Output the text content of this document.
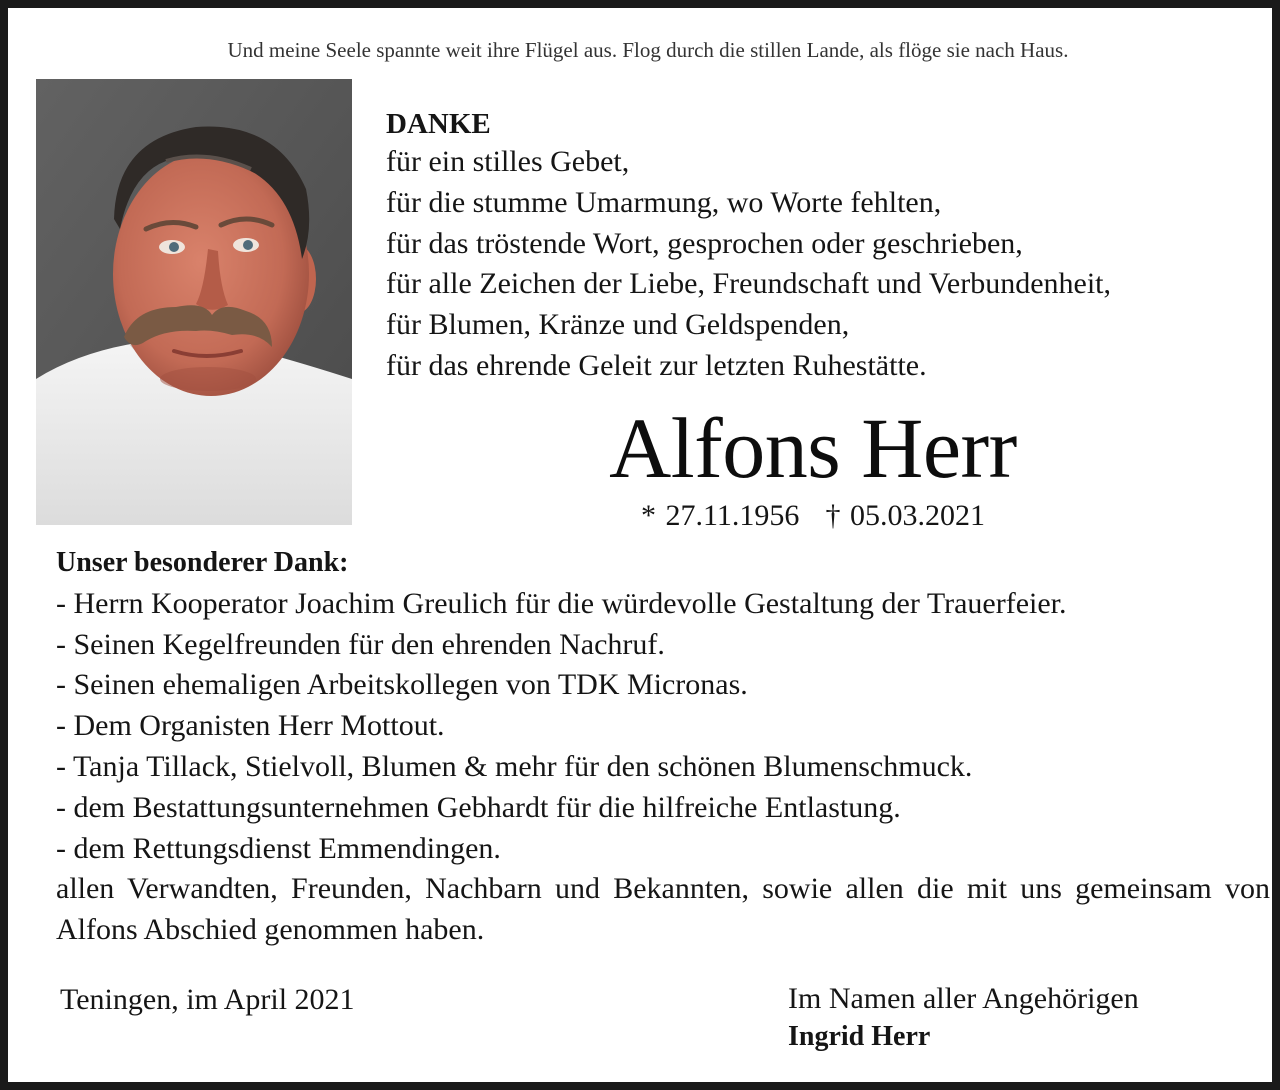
Und meine Seele spannte weit ihre Flügel aus. Flog durch die stillen Lande, als flöge sie nach Haus.
DANKE
für ein stilles Gebet,
für die stumme Umarmung, wo Worte fehlten,
für das tröstende Wort, gesprochen oder geschrieben,
für alle Zeichen der Liebe, Freundschaft und Verbundenheit,
für Blumen, Kränze und Geldspenden,
für das ehrende Geleit zur letzten Ruhestätte.
Alfons Herr
* 27.11.1956 † 05.03.2021
Unser besonderer Dank:
- Herrn Kooperator Joachim Greulich für die würdevolle Gestaltung der Trauerfeier.
- Seinen Kegelfreunden für den ehrenden Nachruf.
- Seinen ehemaligen Arbeitskollegen von TDK Micronas.
- Dem Organisten Herr Mottout.
- Tanja Tillack, Stielvoll, Blumen & mehr für den schönen Blumenschmuck.
- dem Bestattungsunternehmen Gebhardt für die hilfreiche Entlastung.
- dem Rettungsdienst Emmendingen.
allen Verwandten, Freunden, Nachbarn und Bekannten, sowie allen die mit uns gemeinsam von Alfons Abschied genommen haben.
Teningen, im April 2021	Im Namen aller Angehörigen
Ingrid Herr
